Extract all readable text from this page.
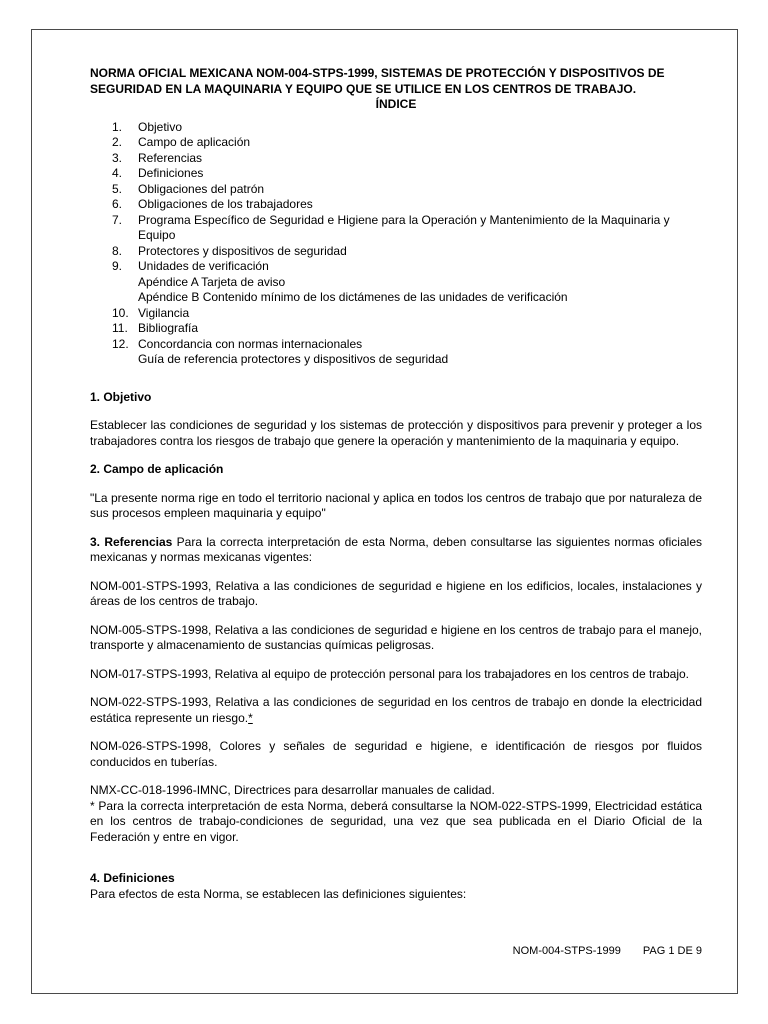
NORMA OFICIAL MEXICANA NOM-004-STPS-1999, SISTEMAS DE PROTECCIÓN Y DISPOSITIVOS DE SEGURIDAD EN LA MAQUINARIA Y EQUIPO QUE SE UTILICE EN LOS CENTROS DE TRABAJO.

ÍNDICE

1.	Objetivo
2.	Campo de aplicación
3.	Referencias
4.	Definiciones
5.	Obligaciones del patrón
6.	Obligaciones de los trabajadores
7.	Programa Específico de Seguridad e Higiene para la Operación y Mantenimiento de la Maquinaria y Equipo
8.	Protectores y dispositivos de seguridad
9.	Unidades de verificación
Apéndice A Tarjeta de aviso
Apéndice B Contenido mínimo de los dictámenes de las unidades de verificación
10. Vigilancia
11. Bibliografía
12. Concordancia con normas internacionales
Guía de referencia protectores y dispositivos de seguridad

1. Objetivo

Establecer las condiciones de seguridad y los sistemas de protección y dispositivos para prevenir y proteger a los trabajadores contra los riesgos de trabajo que genere la operación y mantenimiento de la maquinaria y equipo.

2. Campo de aplicación

"La presente norma rige en todo el territorio nacional y aplica en todos los centros de trabajo que por naturaleza de sus procesos empleen maquinaria y equipo"

3. Referencias Para la correcta interpretación de esta Norma, deben consultarse las siguientes normas oficiales mexicanas y normas mexicanas vigentes:

NOM-001-STPS-1993, Relativa a las condiciones de seguridad e higiene en los edificios, locales, instalaciones y áreas de los centros de trabajo.

NOM-005-STPS-1998, Relativa a las condiciones de seguridad e higiene en los centros de trabajo para el manejo, transporte y almacenamiento de sustancias químicas peligrosas.

NOM-017-STPS-1993, Relativa al equipo de protección personal para los trabajadores en los centros de trabajo.

NOM-022-STPS-1993, Relativa a las condiciones de seguridad en los centros de trabajo en donde la electricidad estática represente un riesgo.*

NOM-026-STPS-1998, Colores y señales de seguridad e higiene, e identificación de riesgos por fluidos conducidos en tuberías.

NMX-CC-018-1996-IMNC, Directrices para desarrollar manuales de calidad.

* Para la correcta interpretación de esta Norma, deberá consultarse la NOM-022-STPS-1999, Electricidad estática en los centros de trabajo-condiciones de seguridad, una vez que sea publicada en el Diario Oficial de la Federación y entre en vigor.

4. Definiciones

Para efectos de esta Norma, se establecen las definiciones siguientes:

NOM-004-STPS-1999 PAG 1 DE 9
